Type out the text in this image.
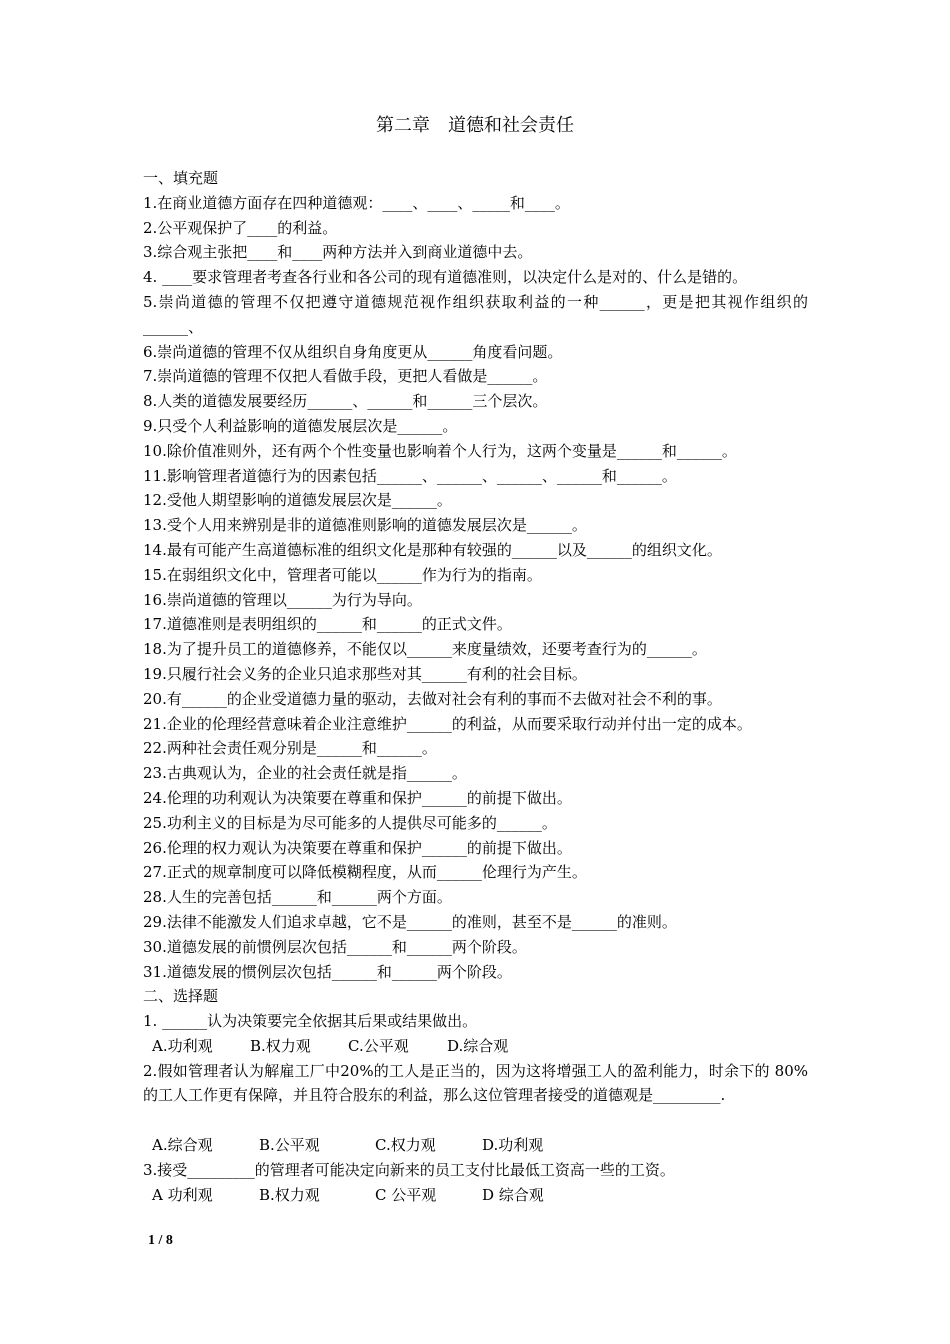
第二章　道德和社会责任
一、填充题
1.在商业道德方面存在四种道德观：____、____、_____和____。
2.公平观保护了____的利益。
3.综合观主张把____和____两种方法并入到商业道德中去。
4. ____要求管理者考查各行业和各公司的现有道德准则，以决定什么是对的、什么是错的。
5.崇尚道德的管理不仅把遵守道德规范视作组织获取利益的一种______，更是把其视作组织的______、
6.崇尚道德的管理不仅从组织自身角度更从______角度看问题。
7.崇尚道德的管理不仅把人看做手段，更把人看做是______。
8.人类的道德发展要经历______、______和______三个层次。
9.只受个人利益影响的道德发展层次是______。
10.除价值准则外，还有两个个性变量也影响着个人行为，这两个变量是______和______。
11.影响管理者道德行为的因素包括______、______、______、______和______。
12.受他人期望影响的道德发展层次是______。
13.受个人用来辨别是非的道德准则影响的道德发展层次是______。
14.最有可能产生高道德标准的组织文化是那种有较强的______以及______的组织文化。
15.在弱组织文化中，管理者可能以______作为行为的指南。
16.崇尚道德的管理以______为行为导向。
17.道德准则是表明组织的______和______的正式文件。
18.为了提升员工的道德修养，不能仅以______来度量绩效，还要考查行为的______。
19.只履行社会义务的企业只追求那些对其______有利的社会目标。
20.有______的企业受道德力量的驱动，去做对社会有利的事而不去做对社会不利的事。
21.企业的伦理经营意味着企业注意维护______的利益，从而要采取行动并付出一定的成本。
22.两种社会责任观分别是______和______。
23.古典观认为，企业的社会责任就是指______。
24.伦理的功利观认为决策要在尊重和保护______的前提下做出。
25.功利主义的目标是为尽可能多的人提供尽可能多的______。
26.伦理的权力观认为决策要在尊重和保护______的前提下做出。
27.正式的规章制度可以降低模糊程度，从而______伦理行为产生。
28.人生的完善包括______和______两个方面。
29.法律不能激发人们追求卓越，它不是______的准则，甚至不是______的准则。
30.道德发展的前惯例层次包括______和______两个阶段。
31.道德发展的惯例层次包括______和______两个阶段。
二、选择题
1. ______认为决策要完全依据其后果或结果做出。
A.功利观 B.权力观 C.公平观	D.综合观
2.假如管理者认为解雇工厂中20%的工人是正当的，因为这将增强工人的盈利能力，时余下的 80%的工人工作更有保障，并且符合股东的利益，那么这位管理者接受的道德观是_________.
A.综合观	B.公平观	C.权力观	D.功利观
3.接受_________的管理者可能决定向新来的员工支付比最低工资高一些的工资。
A 功利观	B.权力观	C 公平观	D 综合观
1 / 8
